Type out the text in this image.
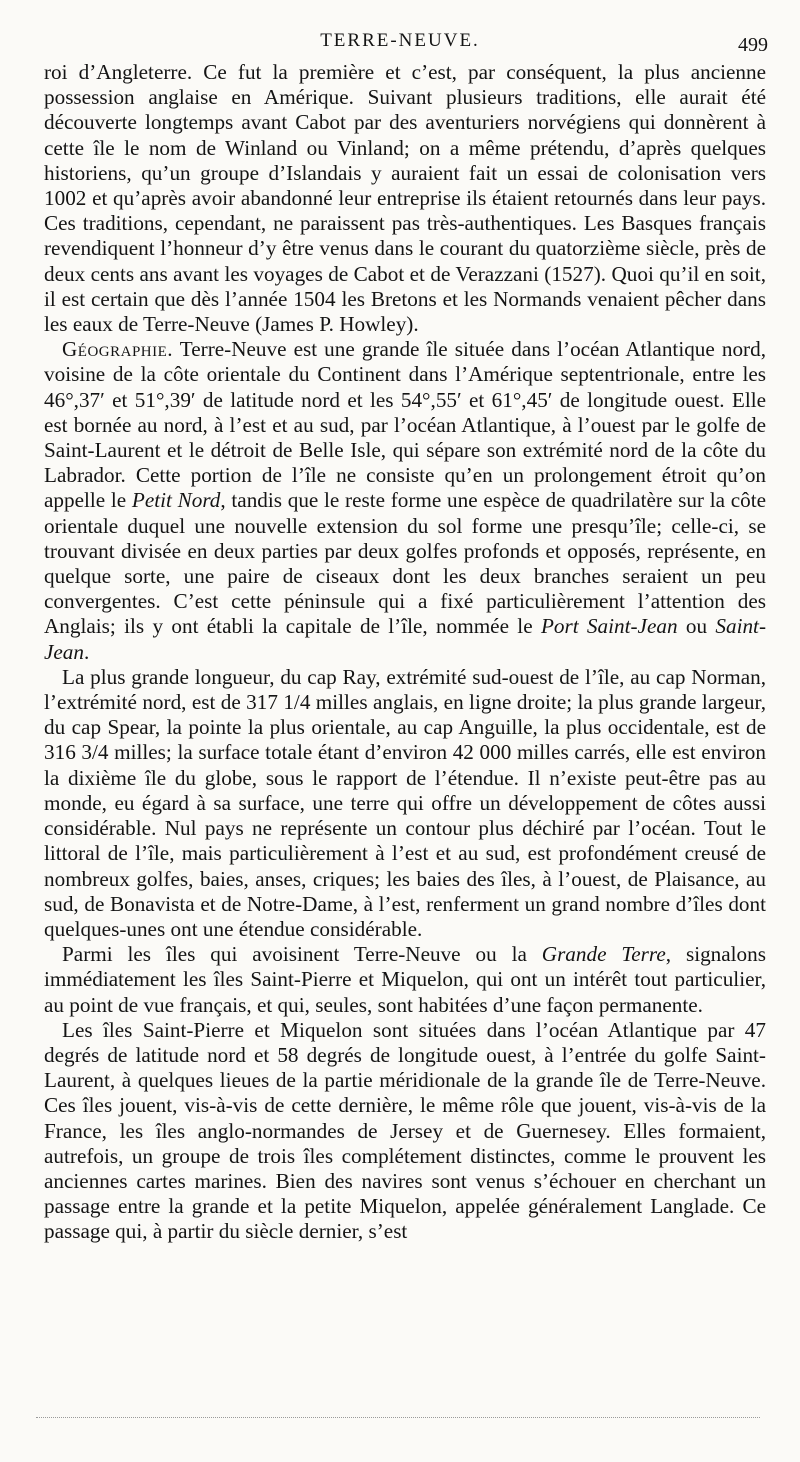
TERRE-NEUVE.	499

roi d’Angleterre. Ce fut la première et c’est, par conséquent, la plus ancienne possession anglaise en Amérique. Suivant plusieurs traditions, elle aurait été découverte longtemps avant Cabot par des aventuriers norvégiens qui donnèrent à cette île le nom de Winland ou Vinland; on a même prétendu, d’après quelques historiens, qu’un groupe d’Islandais y auraient fait un essai de colonisation vers 1002 et qu’après avoir abandonné leur entreprise ils étaient retournés dans leur pays. Ces traditions, cependant, ne paraissent pas très-authentiques. Les Basques français revendiquent l’honneur d’y être venus dans le courant du quatorzième siècle, près de deux cents ans avant les voyages de Cabot et de Verazzani (1527). Quoi qu’il en soit, il est certain que dès l’année 1504 les Bretons et les Normands venaient pêcher dans les eaux de Terre-Neuve (James P. Howley).

Géographie. Terre-Neuve est une grande île située dans l’océan Atlantique nord, voisine de la côte orientale du Continent dans l’Amérique septentrionale, entre les 46°,37′ et 51°,39′ de latitude nord et les 54°,55′ et 61°,45′ de longitude ouest. Elle est bornée au nord, à l’est et au sud, par l’océan Atlantique, à l’ouest par le golfe de Saint-Laurent et le détroit de Belle Isle, qui sépare son extrémité nord de la côte du Labrador. Cette portion de l’île ne consiste qu’en un prolongement étroit qu’on appelle le Petit Nord, tandis que le reste forme une espèce de quadrilatère sur la côte orientale duquel une nouvelle extension du sol forme une presqu’île; celle-ci, se trouvant divisée en deux parties par deux golfes profonds et opposés, représente, en quelque sorte, une paire de ciseaux dont les deux branches seraient un peu convergentes. C’est cette péninsule qui a fixé particulièrement l’attention des Anglais; ils y ont établi la capitale de l’île, nommée le Port Saint-Jean ou Saint-Jean.

La plus grande longueur, du cap Ray, extrémité sud-ouest de l’île, au cap Norman, l’extrémité nord, est de 317 1/4 milles anglais, en ligne droite; la plus grande largeur, du cap Spear, la pointe la plus orientale, au cap Anguille, la plus occidentale, est de 316 3/4 milles; la surface totale étant d’environ 42 000 milles carrés, elle est environ la dixième île du globe, sous le rapport de l’étendue. Il n’existe peut-être pas au monde, eu égard à sa surface, une terre qui offre un développement de côtes aussi considérable. Nul pays ne représente un contour plus déchiré par l’océan. Tout le littoral de l’île, mais particulièrement à l’est et au sud, est profondément creusé de nombreux golfes, baies, anses, criques; les baies des îles, à l’ouest, de Plaisance, au sud, de Bonavista et de Notre-Dame, à l’est, renferment un grand nombre d’îles dont quelques-unes ont une étendue considérable.

Parmi les îles qui avoisinent Terre-Neuve ou la Grande Terre, signalons immédiatement les îles Saint-Pierre et Miquelon, qui ont un intérêt tout particulier, au point de vue français, et qui, seules, sont habitées d’une façon permanente.

Les îles Saint-Pierre et Miquelon sont situées dans l’océan Atlantique par 47 degrés de latitude nord et 58 degrés de longitude ouest, à l’entrée du golfe Saint-Laurent, à quelques lieues de la partie méridionale de la grande île de Terre-Neuve. Ces îles jouent, vis-à-vis de cette dernière, le même rôle que jouent, vis-à-vis de la France, les îles anglo-normandes de Jersey et de Guernesey. Elles formaient, autrefois, un groupe de trois îles complétement distinctes, comme le prouvent les anciennes cartes marines. Bien des navires sont venus s’échouer en cherchant un passage entre la grande et la petite Miquelon, appelée généralement Langlade. Ce passage qui, à partir du siècle dernier, s’est
